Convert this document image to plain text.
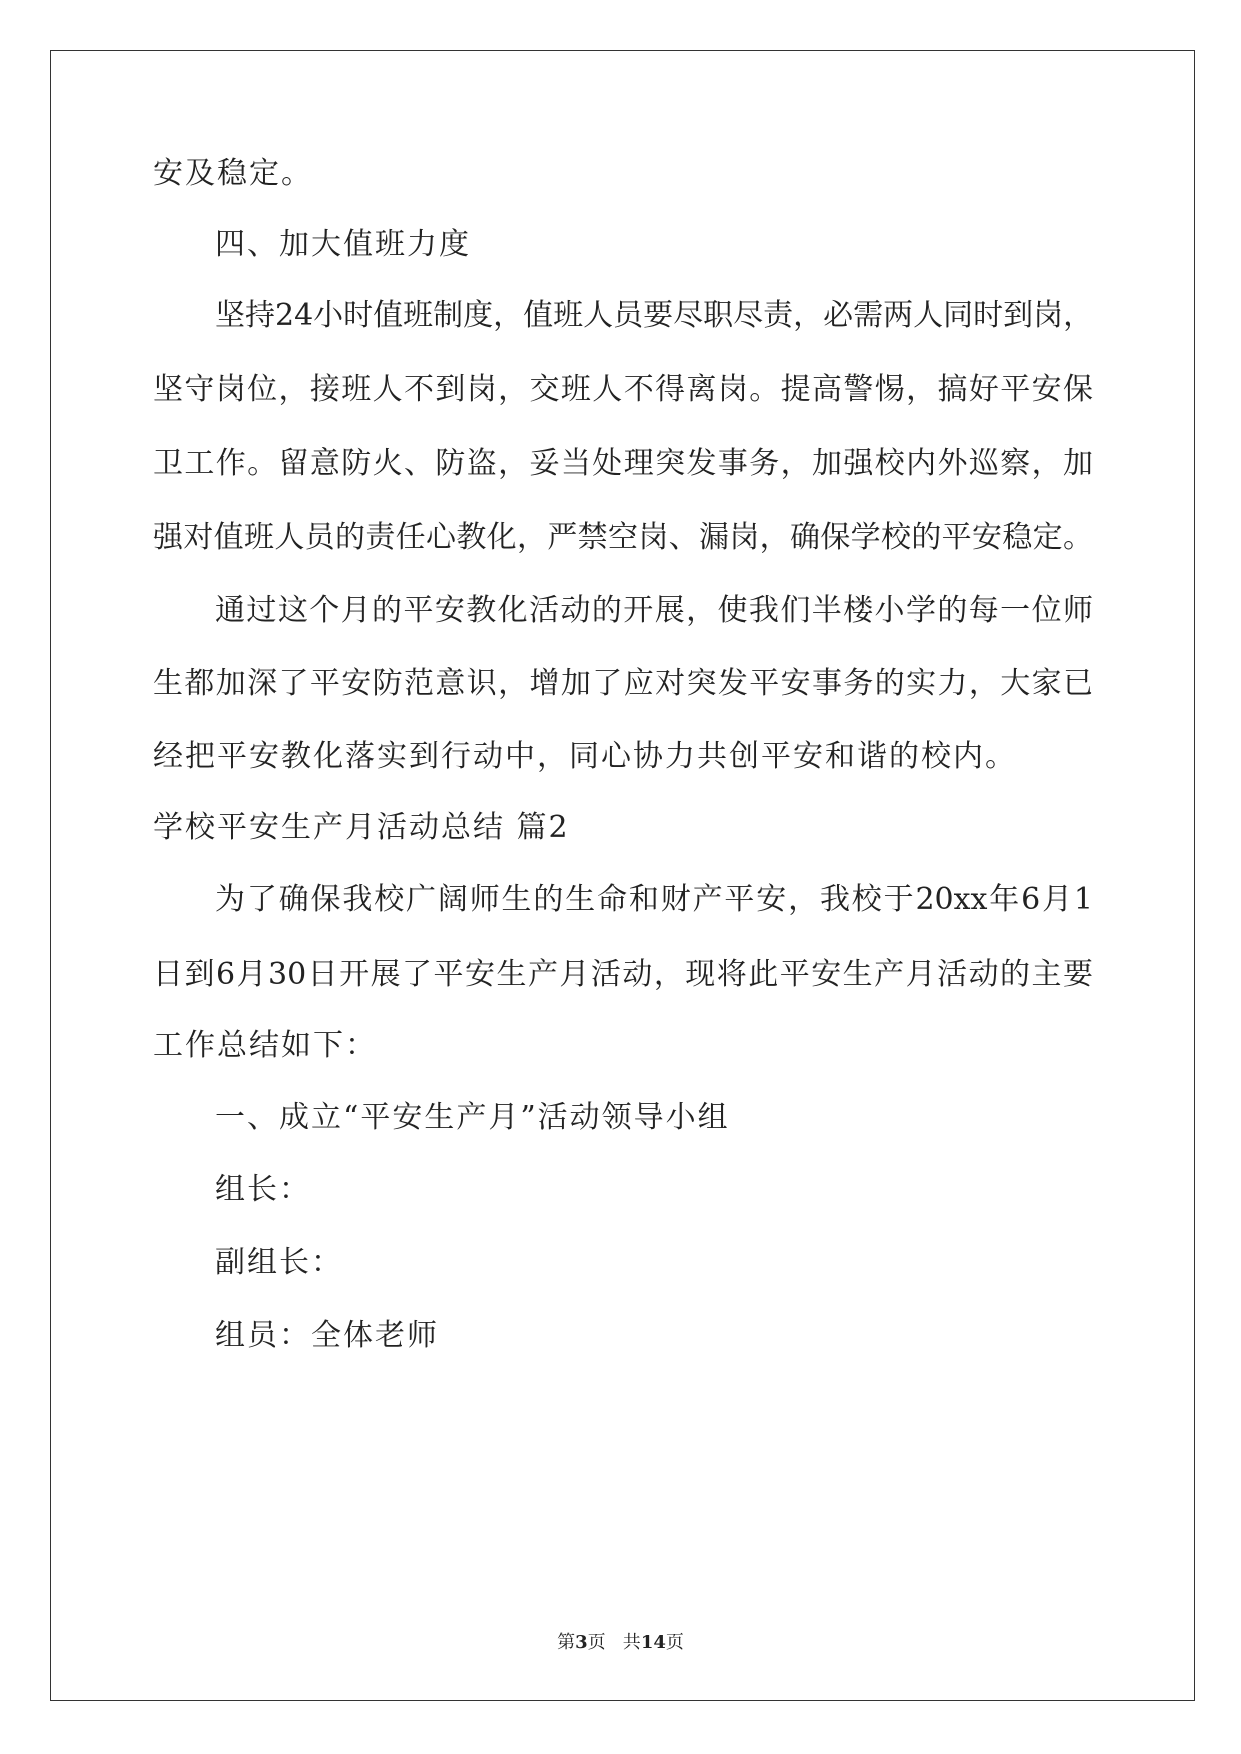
安及稳定。
四、加大值班力度
坚持24小时值班制度，值班人员要尽职尽责，必需两人同时到岗，
坚守岗位，接班人不到岗，交班人不得离岗。提高警惕，搞好平安保
卫工作。留意防火、防盗，妥当处理突发事务，加强校内外巡察，加
强对值班人员的责任心教化，严禁空岗、漏岗，确保学校的平安稳定。
通过这个月的平安教化活动的开展，使我们半楼小学的每一位师
生都加深了平安防范意识，增加了应对突发平安事务的实力，大家已
经把平安教化落实到行动中，同心协力共创平安和谐的校内。
学校平安生产月活动总结 篇2
为了确保我校广阔师生的生命和财产平安，我校于20xx年6月1
日到6月30日开展了平安生产月活动，现将此平安生产月活动的主要
工作总结如下：
一、成立“平安生产月”活动领导小组
组长：
副组长：
组员：全体老师
第3页   共14页
